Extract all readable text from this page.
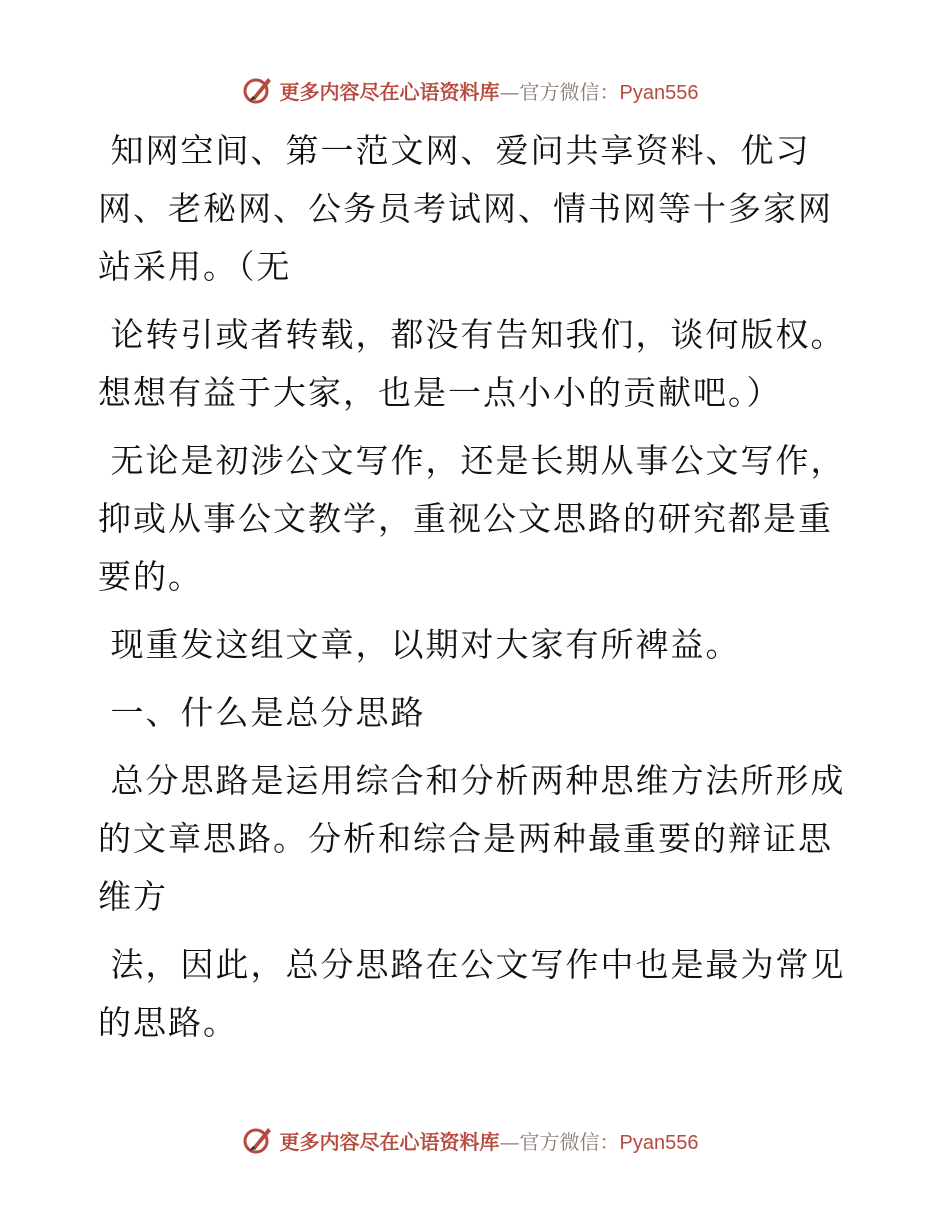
更多内容尽在心语资料库—官方微信：Pyan556

知网空间、第一范文网、爱问共享资料、优习网、老秘网、公务员考试网、情书网等十多家网站采用。（无

论转引或者转载，都没有告知我们，谈何版权。想想有益于大家，也是一点小小的贡献吧。）

无论是初涉公文写作，还是长期从事公文写作，抑或从事公文教学，重视公文思路的研究都是重要的。

现重发这组文章，以期对大家有所裨益。

一、什么是总分思路

总分思路是运用综合和分析两种思维方法所形成的文章思路。分析和综合是两种最重要的辩证思维方

法，因此，总分思路在公文写作中也是最为常见的思路。

更多内容尽在心语资料库—官方微信：Pyan556
